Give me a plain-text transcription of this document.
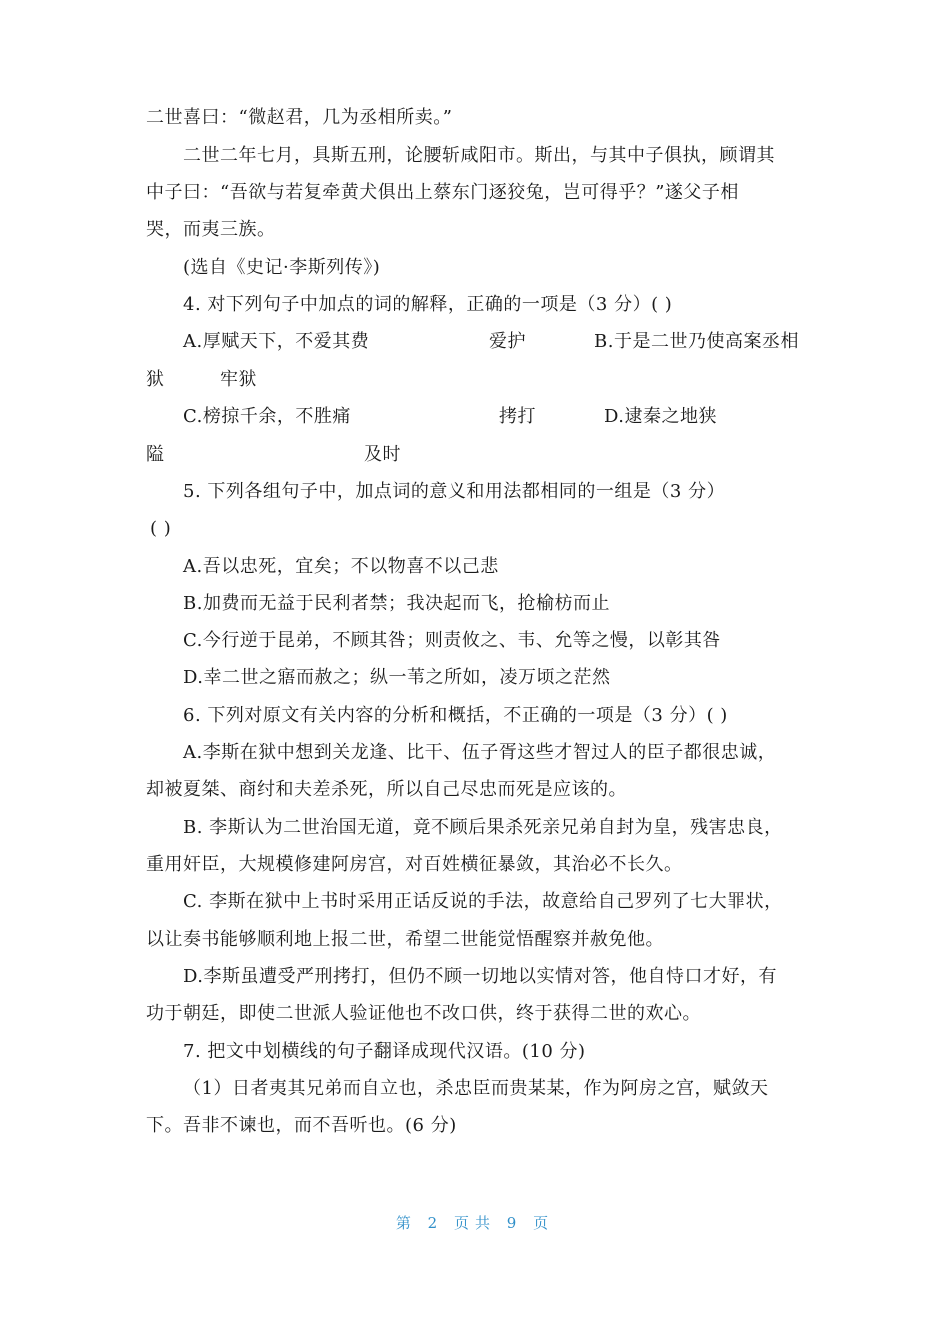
二世喜曰：“微赵君，几为丞相所卖。”
二世二年七月，具斯五刑，论腰斩咸阳市。斯出，与其中子俱执，顾谓其
中子曰：“吾欲与若复牵黄犬俱出上蔡东门逐狡兔，岂可得乎？”遂父子相
哭，而夷三族。
(选自《史记·李斯列传》)
4. 对下列句子中加点的词的解释，正确的一项是（3 分）( )
A.厚赋天下，不爱其费	爱护	B.于是二世乃使高案丞相
狱	牢狱
C.榜掠千余，不胜痛	拷打	D.逮秦之地狭
隘	及时
5. 下列各组句子中，加点词的意义和用法都相同的一组是（3 分）
( )
A.吾以忠死，宜矣；不以物喜不以己悲
B.加费而无益于民利者禁；我决起而飞，抢榆枋而止
C.今行逆于昆弟，不顾其咎；则责攸之、韦、允等之慢，以彰其咎
D.幸二世之寤而赦之；纵一苇之所如，凌万顷之茫然
6. 下列对原文有关内容的分析和概括，不正确的一项是（3 分）( )
A.李斯在狱中想到关龙逢、比干、伍子胥这些才智过人的臣子都很忠诚，
却被夏桀、商纣和夫差杀死，所以自己尽忠而死是应该的。
B. 李斯认为二世治国无道，竟不顾后果杀死亲兄弟自封为皇，残害忠良，
重用奸臣，大规模修建阿房宫，对百姓横征暴敛，其治必不长久。
C. 李斯在狱中上书时采用正话反说的手法，故意给自己罗列了七大罪状，
以让奏书能够顺利地上报二世，希望二世能觉悟醒察并赦免他。
D.李斯虽遭受严刑拷打，但仍不顾一切地以实情对答，他自恃口才好，有
功于朝廷，即使二世派人验证他也不改口供，终于获得二世的欢心。
7. 把文中划横线的句子翻译成现代汉语。(10 分)
（1）日者夷其兄弟而自立也，杀忠臣而贵某某，作为阿房之宫，赋敛天
下。吾非不谏也，而不吾听也。(6 分)
第 2 页共 9 页
